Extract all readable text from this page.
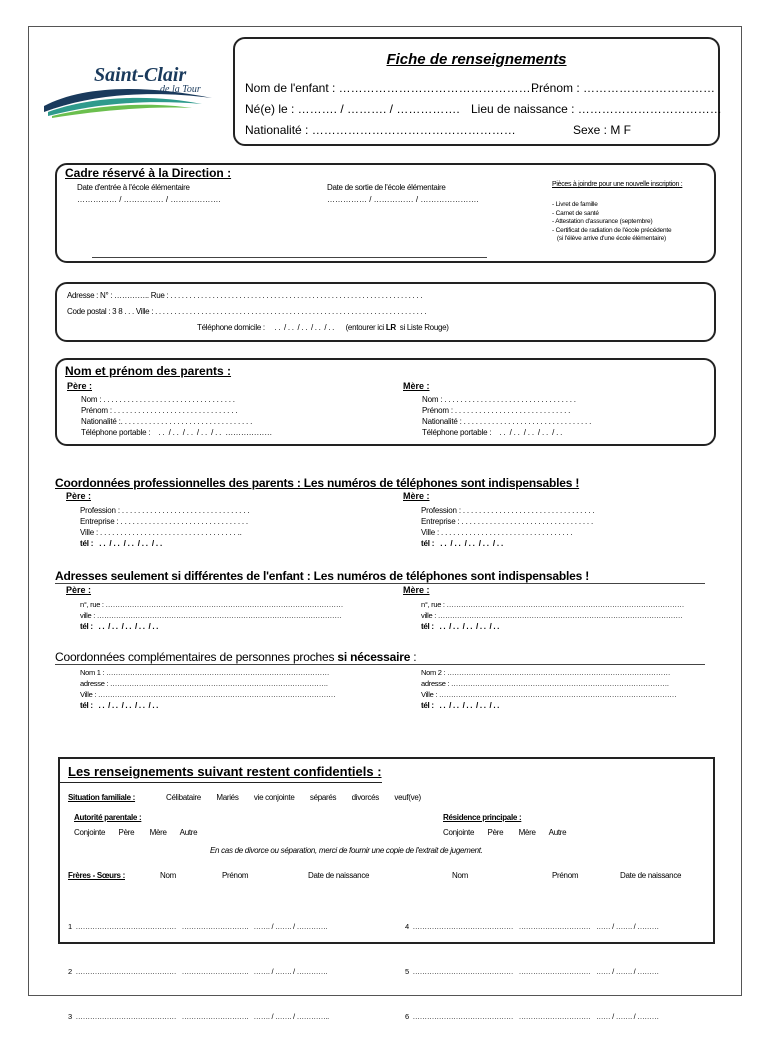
Saint-Clair
de la Tour
Fiche de renseignements
Nom de l'enfant : ……………………………………………
Prénom : ……………………………
Né(e) le : ………. / ………. / ……………. Lieu de naissance : ………………………………
Nationalité : ……………………………………………	Sexe : M F
Cadre réservé à la Direction :
Date d'entrée à l'école élémentaire
…………… / …………… / ……………….
Date de sortie de l'école élémentaire
…………… / …………… / ………………….
Pièces à joindre pour une nouvelle inscription :
- Livret de famille
- Carnet de santé
- Attestation d'assurance (septembre)
- Certificat de radiation de l'école précédente
(si l'élève arrive d'une école élémentaire)
Adresse : N° : ………….. Rue : . . . . . . . . . . . . . . . . . . . . . . . . . . . . . . . . . . . . . . . . . . . . . . . . . . . . . . . . . . . . . . . . . .
Code postal : 3 8 . . . Ville : . . . . . . . . . . . . . . . . . . . . . . . . . . . . . . . . . . . . . . . . . . . . . . . . . . . . . . . . . . . . . . . . . . . . . . .
Téléphone domicile :     . .  / . .  / . .  / . .  / . .      (entourer ici LR  si Liste Rouge)
Nom et prénom des parents :
Père :	Mère :
Nom : . . . . . . . . . . . . . . . . . . . . . . . . . . . . . . . . .
Prénom : . . . . . . . . . . . . . . . . . . . . . . . . . . . . . . .
Nationalité :. . . . . . . . . . . . . . . . . . . . . . . . . . . . . . . . .
Téléphone portable :    . .  / . .  / . .  / . .  / . .  ………………
Nom : . . . . . . . . . . . . . . . . . . . . . . . . . . . . . . . . .
Prénom : . . . . . . . . . . . . . . . . . . . . . . . . . . . . .
Nationalité : . . . . . . . . . . . . . . . . . . . . . . . . . . . . . . . .
Téléphone portable :    . .  / . .  / . .  / . .  / . .
Coordonnées professionnelles des parents : Les numéros de téléphones sont indispensables !
Père :	Mère :
Profession : . . . . . . . . . . . . . . . . . . . . . . . . . . . . . . . .
Entreprise : . . . . . . . . . . . . . . . . . . . . . . . . . . . . . . . .
Ville : . . . . . . . . . . . . . . . . . . . . . . . . . . . . . . . . . . ..
tél :   . .  / . .  / . .  / . .  / . .
Profession : . . . . . . . . . . . . . . . . . . . . . . . . . . . . . . . . .
Entreprise : . . . . . . . . . . . . . . . . . . . . . . . . . . . . . . . . .
Ville : . . . . . . . . . . . . . . . . . . . . . . . . . . . . . . . . .
tél :   . .  / . .  / . .  / . .  / . .
Adresses seulement si différentes de l'enfant : Les numéros de téléphones sont indispensables !
Père :	Mère :
n°, rue : ………………………………………………………………………………………
ville : …………………………………………………………………………………………
tél :   . .  / . .  / . .  / . .  / . .
n°, rue : ………………………………………………………………………………………
ville : …………………………………………………………………………………………
tél :   . .  / . .  / . .  / . .  / . .
Coordonnées complémentaires de personnes proches si nécessaire :
Nom 1 : …………………………………………………………………………………
adresse : ……………………………………………………………………………….
Ville : ………………………………………………………………………………………
tél :   . .  / . .  / . .  / . .  / . .
Nom 2 : …………………………………………………………………………………
adresse : ……………………………………………………………………………….
Ville : ………………………………………………………………………………………
tél :   . .  / . .  / . .  / . .  / . .
Les renseignements suivant restent confidentiels :
Situation familiale :	Célibataire        Mariés        vie conjointe        séparés        divorcés        veuf(ve)
Autorité parentale :	Résidence principale :
Conjointe       Père        Mère       Autre	Conjointe       Père        Mère       Autre
En cas de divorce ou séparation, merci de fournir une copie de l'extrait de jugement.
Frères - Sœurs :	Nom	Prénom	Date de naissance	Nom	Prénom	Date de naissance

1  ……………………………………   ……………………….   ……. / ……. / ………….

2  ……………………………………   ……………………….   ……. / ……. / ………….

3  ……………………………………   ……………………….   ……. / ……. / …………..

4  ……………………………………   …………………………   …… / ……. / ………

5  ……………………………………   …………………………   …… / ……. / ………

6  ……………………………………   …………………………   …… / ……. / ………
